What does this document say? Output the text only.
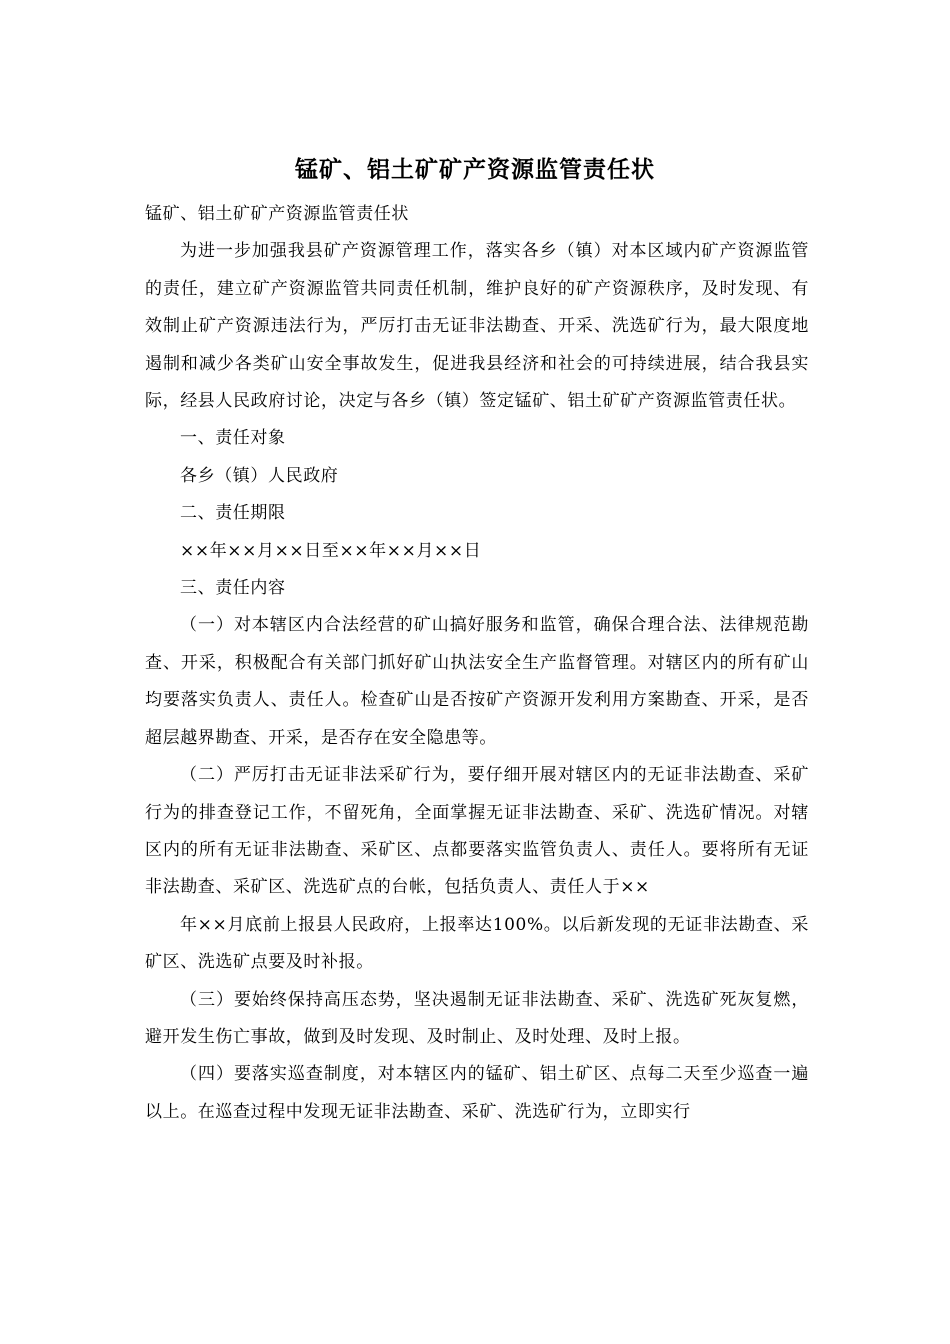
锰矿、铝土矿矿产资源监管责任状

锰矿、铝土矿矿产资源监管责任状

为进一步加强我县矿产资源管理工作，落实各乡（镇）对本区域内矿产资源监管的责任，建立矿产资源监管共同责任机制，维护良好的矿产资源秩序，及时发现、有效制止矿产资源违法行为，严厉打击无证非法勘查、开采、洗选矿行为，最大限度地遏制和减少各类矿山安全事故发生，促进我县经济和社会的可持续进展，结合我县实际，经县人民政府讨论，决定与各乡（镇）签定锰矿、铝土矿矿产资源监管责任状。

一、责任对象

各乡（镇）人民政府

二、责任期限

××年××月××日至××年××月××日

三、责任内容

（一）对本辖区内合法经营的矿山搞好服务和监管，确保合理合法、法律规范勘查、开采，积极配合有关部门抓好矿山执法安全生产监督管理。对辖区内的所有矿山均要落实负责人、责任人。检查矿山是否按矿产资源开发利用方案勘查、开采，是否超层越界勘查、开采，是否存在安全隐患等。

（二）严厉打击无证非法采矿行为，要仔细开展对辖区内的无证非法勘查、采矿行为的排查登记工作，不留死角，全面掌握无证非法勘查、采矿、洗选矿情况。对辖区内的所有无证非法勘查、采矿区、点都要落实监管负责人、责任人。要将所有无证非法勘查、采矿区、洗选矿点的台帐，包括负责人、责任人于××

年××月底前上报县人民政府，上报率达100%。以后新发现的无证非法勘查、采矿区、洗选矿点要及时补报。

（三）要始终保持高压态势，坚决遏制无证非法勘查、采矿、洗选矿死灰复燃，避开发生伤亡事故，做到及时发现、及时制止、及时处理、及时上报。

（四）要落实巡查制度，对本辖区内的锰矿、铝土矿区、点每二天至少巡查一遍以上。在巡查过程中发现无证非法勘查、采矿、洗选矿行为，立即实行
